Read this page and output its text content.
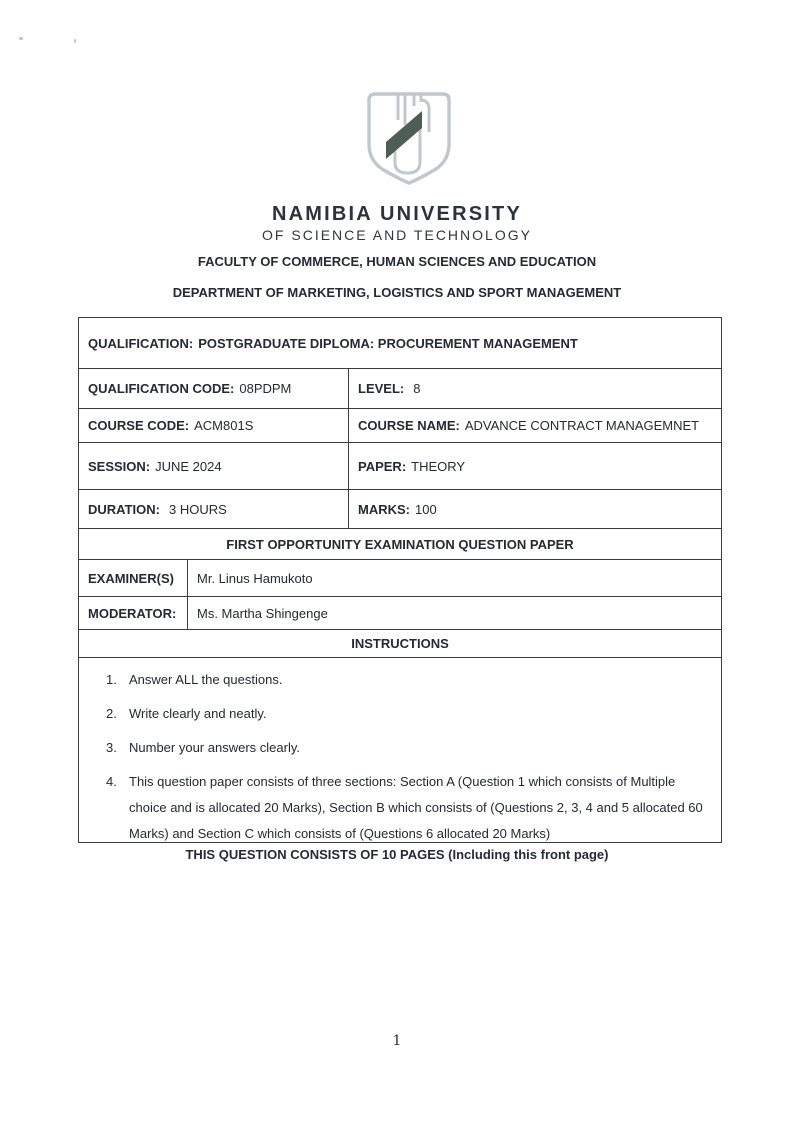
NAMIBIA UNIVERSITY
OF SCIENCE AND TECHNOLOGY
FACULTY OF COMMERCE, HUMAN SCIENCES AND EDUCATION
DEPARTMENT OF MARKETING, LOGISTICS AND SPORT MANAGEMENT
QUALIFICATION: POSTGRADUATE DIPLOMA: PROCUREMENT MANAGEMENT
QUALIFICATION CODE: 08PDPM	LEVEL: 8
COURSE CODE: ACM801S	COURSE NAME: ADVANCE CONTRACT MANAGEMNET
SESSION: JUNE 2024	PAPER: THEORY
DURATION: 3 HOURS	MARKS: 100
FIRST OPPORTUNITY EXAMINATION QUESTION PAPER
EXAMINER(S) Mr. Linus Hamukoto
MODERATOR: Ms. Martha Shingenge
INSTRUCTIONS
1. Answer ALL the questions.
2. Write clearly and neatly.
3. Number your answers clearly.
4. This question paper consists of three sections: Section A (Question 1 which consists of Multiple choice and is allocated 20 Marks), Section B which consists of (Questions 2, 3, 4 and 5 allocated 60 Marks) and Section C which consists of (Questions 6 allocated 20 Marks)
THIS QUESTION CONSISTS OF 10 PAGES (Including this front page)
1
